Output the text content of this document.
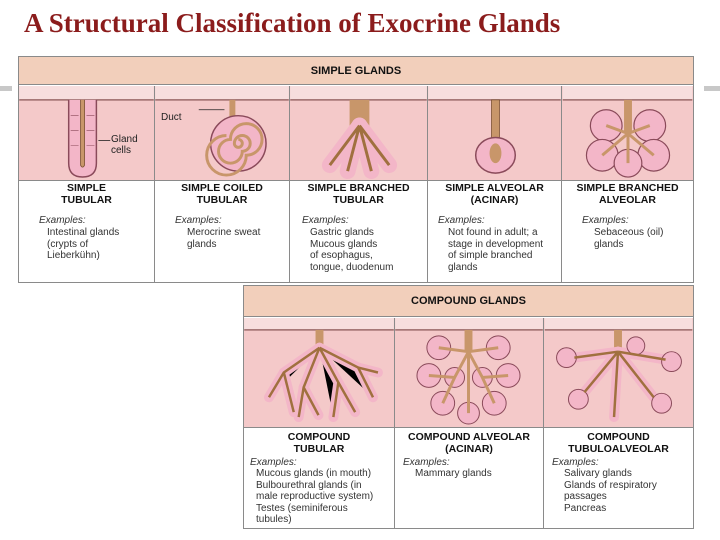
A Structural Classification of Exocrine Glands
SIMPLE GLANDS
Gland
cells
SIMPLE
TUBULAR
Examples:
Intestinal glands
(crypts of
Lieberkühn)
Duct
SIMPLE COILED
TUBULAR
Examples:
Merocrine sweat
glands
SIMPLE BRANCHED
TUBULAR
Examples:
Gastric glands
Mucous glands
of esophagus,
tongue, duodenum
SIMPLE ALVEOLAR
(ACINAR)
Examples:
Not found in adult; a
stage in development
of simple branched
glands
SIMPLE BRANCHED
ALVEOLAR
Examples:
Sebaceous (oil)
glands
COMPOUND GLANDS
COMPOUND
TUBULAR
Examples:
Mucous glands (in mouth)
Bulbourethral glands (in
male reproductive system)
Testes (seminiferous
tubules)
COMPOUND ALVEOLAR
(ACINAR)
Examples:
Mammary glands
COMPOUND
TUBULOALVEOLAR
Examples:
Salivary glands
Glands of respiratory
passages
Pancreas
